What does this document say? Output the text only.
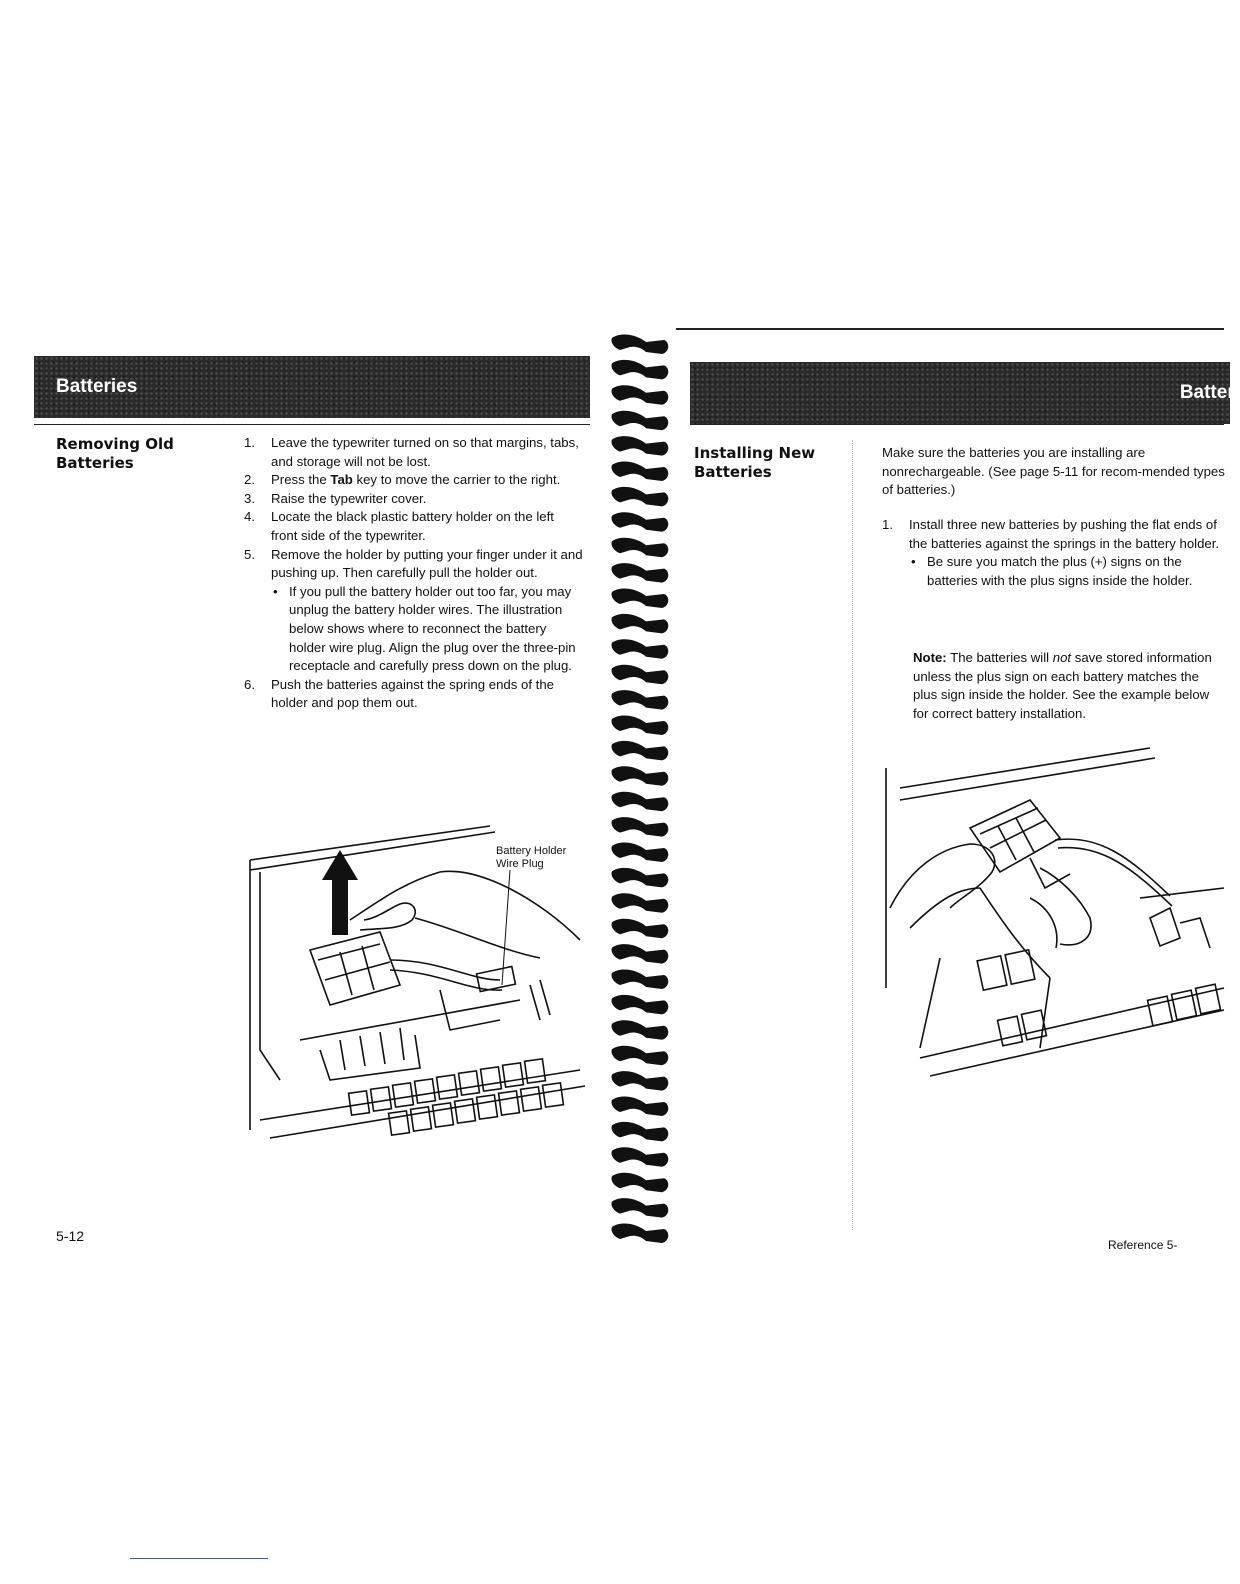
Batteries
Removing Old Batteries
1. Leave the typewriter turned on so that margins, tabs, and storage will not be lost.
2. Press the Tab key to move the carrier to the right.
3. Raise the typewriter cover.
4. Locate the black plastic battery holder on the left front side of the typewriter.
5. Remove the holder by putting your finger under it and pushing up. Then carefully pull the holder out.
• If you pull the battery holder out too far, you may unplug the battery holder wires. The illustration below shows where to reconnect the battery holder wire plug. Align the plug over the three-pin receptacle and carefully press down on the plug.
6. Push the batteries against the spring ends of the holder and pop them out.
Battery Holder
Wire Plug
5-12
Batteri
Installing New Batteries
Make sure the batteries you are installing are nonrechargeable. (See page 5-11 for recom-mended types of batteries.)
1. Install three new batteries by pushing the flat ends of the batteries against the springs in the battery holder.
• Be sure you match the plus (+) signs on the batteries with the plus signs inside the holder.
Note: The batteries will not save stored information unless the plus sign on each battery matches the plus sign inside the holder. See the example below for correct battery installation.
Reference 5-
